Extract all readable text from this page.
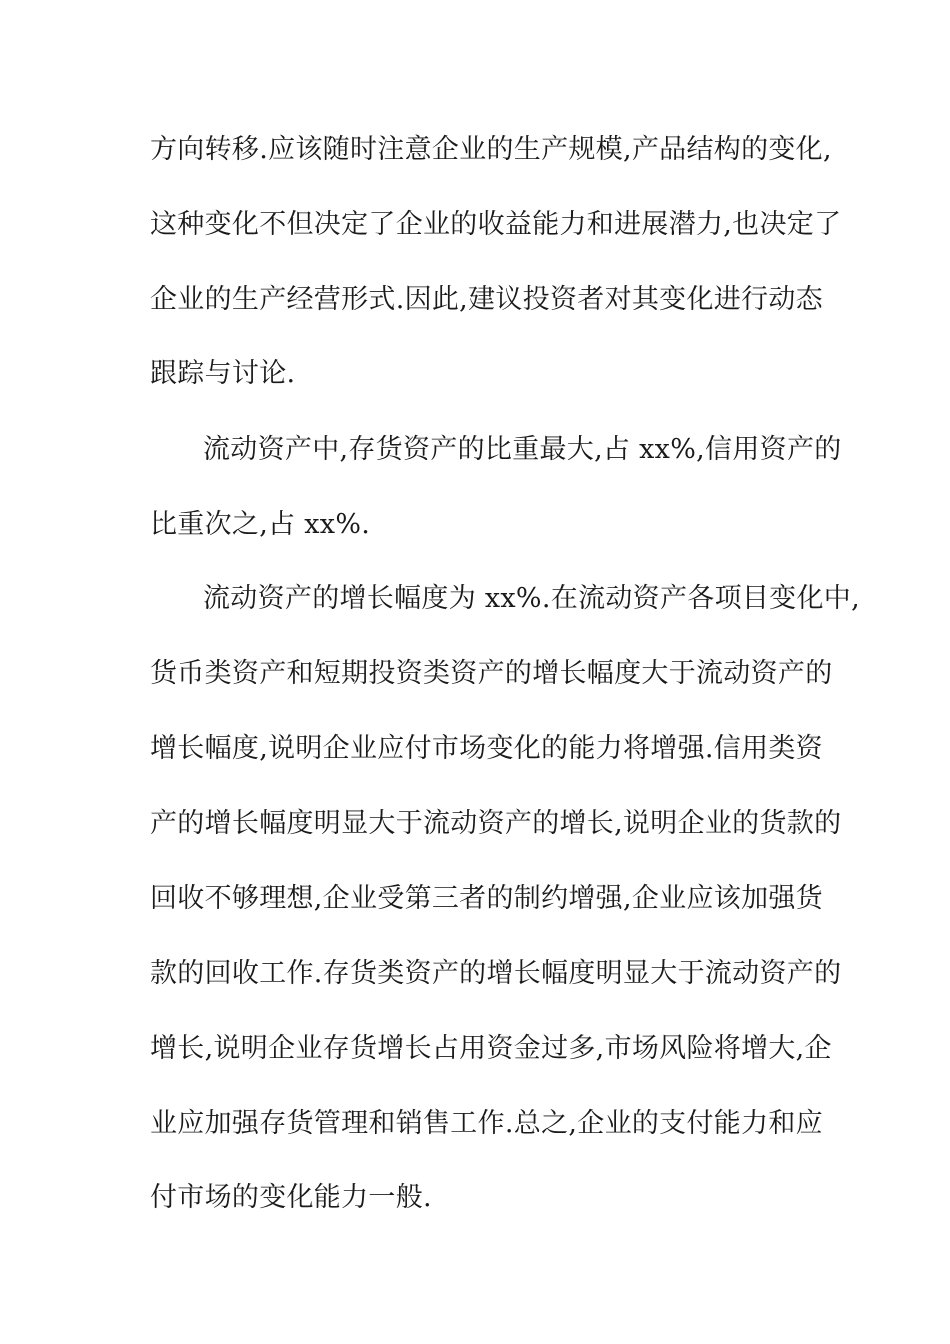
方向转移.应该随时注意企业的生产规模,产品结构的变化,
这种变化不但决定了企业的收益能力和进展潜力,也决定了
企业的生产经营形式.因此,建议投资者对其变化进行动态
跟踪与讨论.
流动资产中,存货资产的比重最大,占 xx%,信用资产的
比重次之,占 xx%.
流动资产的增长幅度为 xx%.在流动资产各项目变化中,
货币类资产和短期投资类资产的增长幅度大于流动资产的
增长幅度,说明企业应付市场变化的能力将增强.信用类资
产的增长幅度明显大于流动资产的增长,说明企业的货款的
回收不够理想,企业受第三者的制约增强,企业应该加强货
款的回收工作.存货类资产的增长幅度明显大于流动资产的
增长,说明企业存货增长占用资金过多,市场风险将增大,企
业应加强存货管理和销售工作.总之,企业的支付能力和应
付市场的变化能力一般.
